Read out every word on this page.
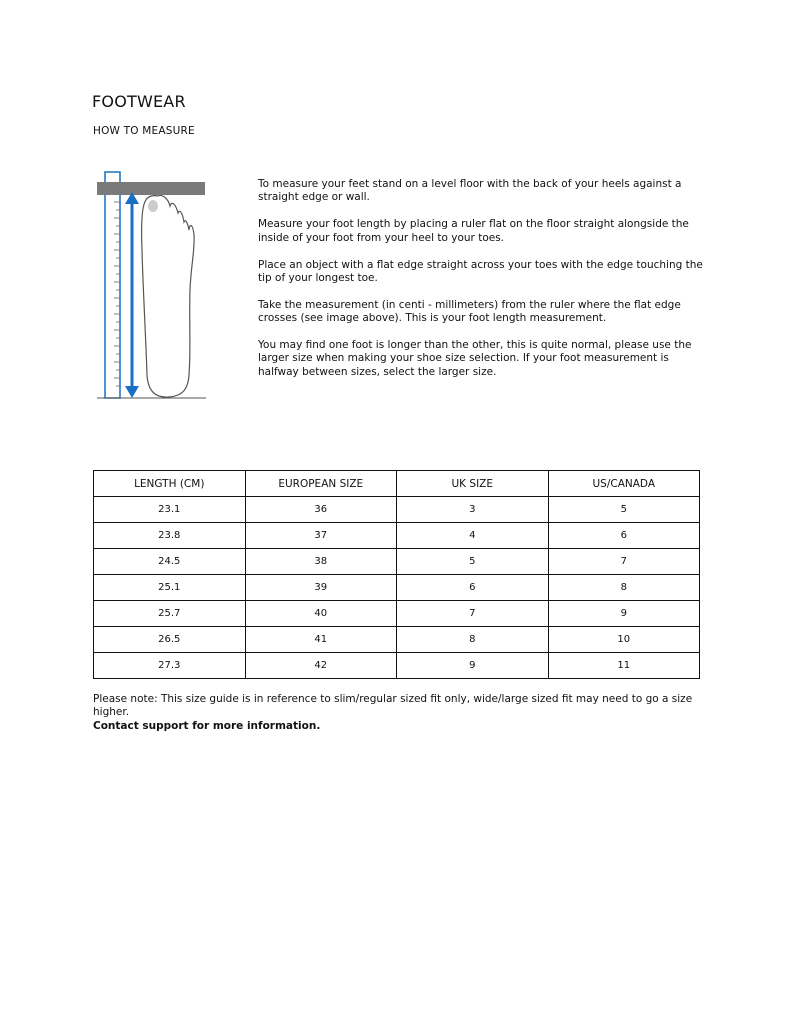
FOOTWEAR
HOW TO MEASURE

To measure your feet stand on a level floor with the back of your heels against a straight edge or wall.

Measure your foot length by placing a ruler flat on the floor straight alongside the inside of your foot from your heel to your toes.

Place an object with a flat edge straight across your toes with the edge touching the tip of your longest toe.

Take the measurement (in centi - millimeters) from the ruler where the flat edge crosses (see image above). This is your foot length measurement.

You may find one foot is longer than the other, this is quite normal, please use the larger size when making your shoe size selection. If your foot measurement is halfway between sizes, select the larger size.

LENGTH (CM)	EUROPEAN SIZE	UK SIZE	US/CANADA
23.1	36	3	5
23.8	37	4	6
24.5	38	5	7
25.1	39	6	8
25.7	40	7	9
26.5	41	8	10
27.3	42	9	11
Please note: This size guide is in reference to slim/regular sized fit only, wide/large sized fit may need to go a size higher.
Contact support for more information.
